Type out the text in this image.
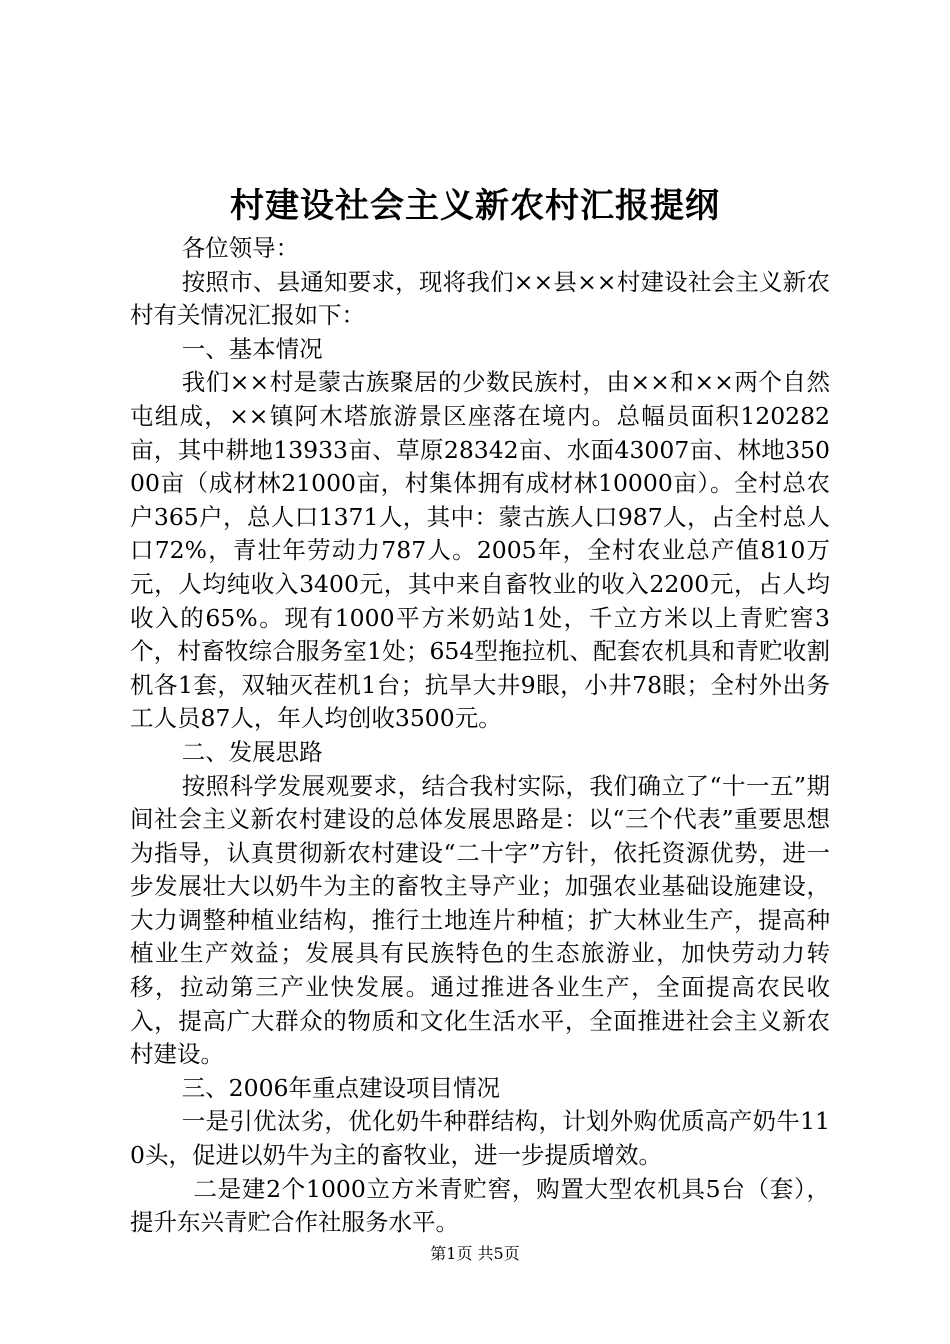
村建设社会主义新农村汇报提纲

各位领导：

按照市、县通知要求，现将我们××县××村建设社会主义新农村有关情况汇报如下：

一、基本情况

我们××村是蒙古族聚居的少数民族村，由××和××两个自然屯组成，××镇阿木塔旅游景区座落在境内。总幅员面积120282亩，其中耕地13933亩、草原28342亩、水面43007亩、林地35000亩（成材林21000亩，村集体拥有成材林10000亩）。全村总农户365户，总人口1371人，其中：蒙古族人口987人，占全村总人口72%，青壮年劳动力787人。2005年，全村农业总产值810万元，人均纯收入3400元，其中来自畜牧业的收入2200元，占人均收入的65%。现有1000平方米奶站1处，千立方米以上青贮窖3个，村畜牧综合服务室1处；654型拖拉机、配套农机具和青贮收割机各1套，双轴灭茬机1台；抗旱大井9眼，小井78眼；全村外出务工人员87人，年人均创收3500元。

二、发展思路

按照科学发展观要求，结合我村实际，我们确立了“十一五”期间社会主义新农村建设的总体发展思路是：以“三个代表”重要思想为指导，认真贯彻新农村建设“二十字”方针，依托资源优势，进一步发展壮大以奶牛为主的畜牧主导产业；加强农业基础设施建设，大力调整种植业结构，推行土地连片种植；扩大林业生产，提高种植业生产效益；发展具有民族特色的生态旅游业，加快劳动力转移，拉动第三产业快发展。通过推进各业生产，全面提高农民收入，提高广大群众的物质和文化生活水平，全面推进社会主义新农村建设。

三、2006年重点建设项目情况

一是引优汰劣，优化奶牛种群结构，计划外购优质高产奶牛110头，促进以奶牛为主的畜牧业，进一步提质增效。

二是建2个1000立方米青贮窖，购置大型农机具5台（套），提升东兴青贮合作社服务水平。

第1页 共5页
